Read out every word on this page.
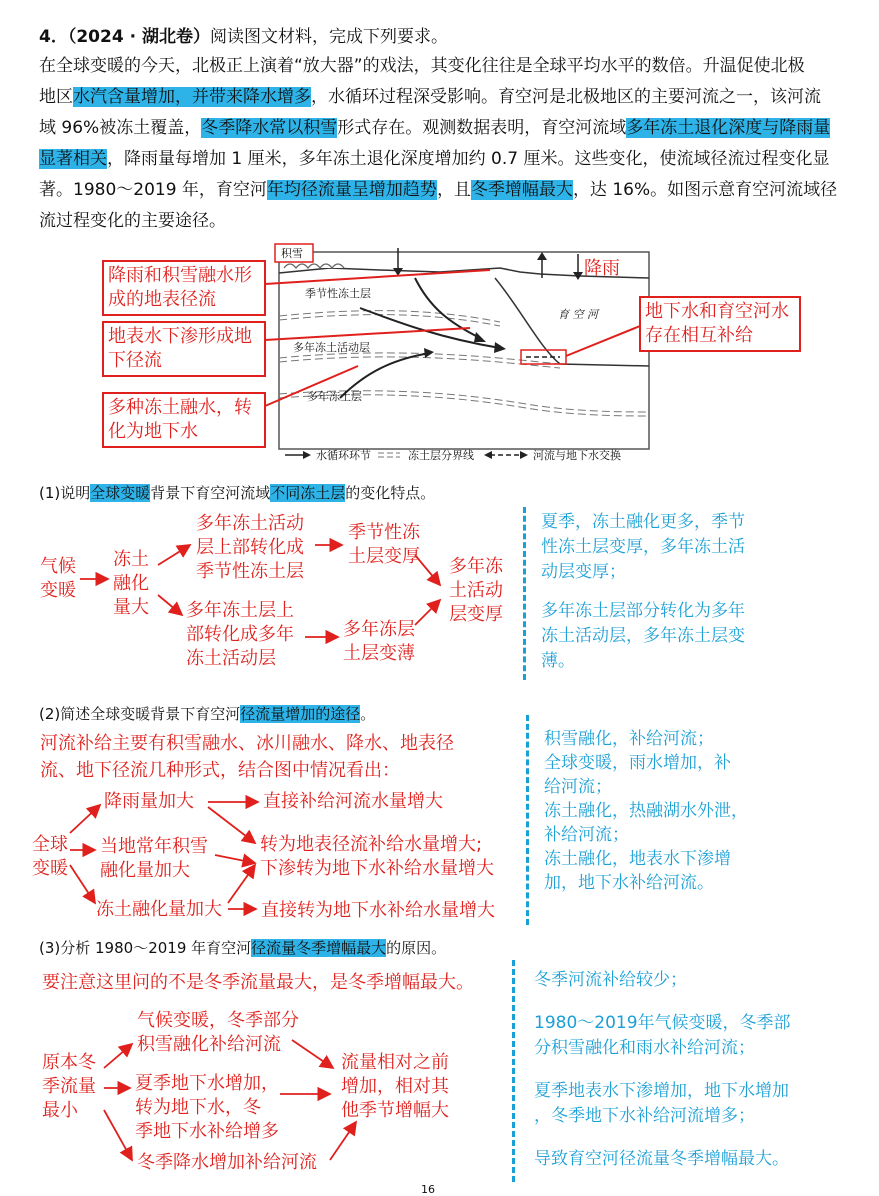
4．（2024 · 湖北卷）阅读图文材料，完成下列要求。
在全球变暖的今天，北极正上演着“放大器”的戏法，其变化往往是全球平均水平的数倍。升温促使北极
地区水汽含量增加，并带来降水增多，水循环过程深受影响。育空河是北极地区的主要河流之一，该河流
域 96%被冻土覆盖，冬季降水常以积雪形式存在。观测数据表明，育空河流域多年冻土退化深度与降雨量
显著相关，降雨量每增加 1 厘米，多年冻土退化深度增加约 0.7 厘米。这些变化，使流域径流过程变化显
著。1980～2019 年，育空河年均径流量呈增加趋势，且冬季增幅最大，达 16%。如图示意育空河流域径
流过程变化的主要途径。
积雪
季节性冻土层
多年冻土活动层
多年冻土层
育 空 河
水循环环节	冻土层分界线	河流与地下水交换
降雨
降雨和积雪融水形
成的地表径流
地表水下渗形成地
下径流
多种冻土融水，转
化为地下水
地下水和育空河水
存在相互补给
(1)说明全球变暖背景下育空河流域不同冻土层的变化特点。
气候
变暖
冻土
融化
量大
多年冻土活动
层上部转化成
季节性冻土层
季节性冻
土层变厚
多年冻土层上
部转化成多年
冻土活动层
多年冻层
土层变薄
多年冻
土活动
层变厚
夏季，冻土融化更多，季节
性冻土层变厚，多年冻土活
动层变厚；
多年冻土层部分转化为多年
冻土活动层，多年冻土层变
薄。
(2)简述全球变暖背景下育空河径流量增加的途径。
河流补给主要有积雪融水、冰川融水、降水、地表径
流、地下径流几种形式，结合图中情况看出：
全球
变暖
降雨量加大
当地常年积雪
融化量加大
冻土融化量加大
直接补给河流水量增大
转为地表径流补给水量增大;
下渗转为地下水补给水量增大
直接转为地下水补给水量增大
积雪融化，补给河流；
全球变暖，雨水增加，补
给河流；
冻土融化，热融湖水外泄，
补给河流；
冻土融化，地表水下渗增
加，地下水补给河流。
(3)分析 1980～2019 年育空河径流量冬季增幅最大的原因。
要注意这里问的不是冬季流量最大，是冬季增幅最大。
原本冬
季流量
最小
气候变暖，冬季部分
积雪融化补给河流
夏季地下水增加，
转为地下水，冬
季地下水补给增多
冬季降水增加补给河流
流量相对之前
增加，相对其
他季节增幅大
冬季河流补给较少；
1980～2019年气候变暖，冬季部
分积雪融化和雨水补给河流；
夏季地表水下渗增加，地下水增加
，冬季地下水补给河流增多；
导致育空河径流量冬季增幅最大。
16
